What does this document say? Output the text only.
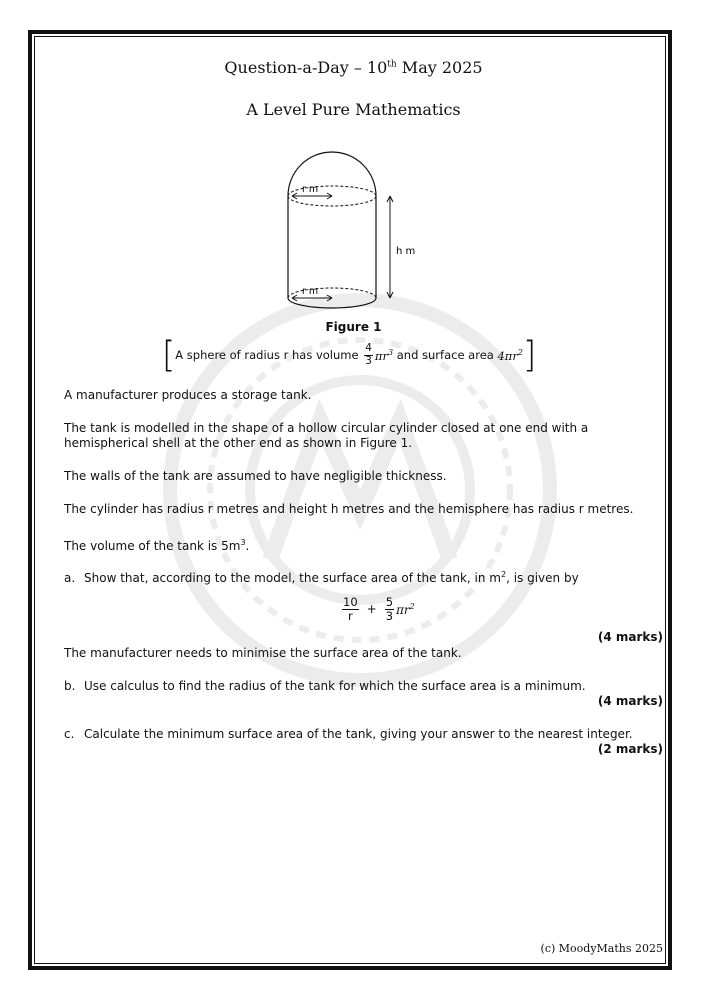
Question-a-Day – 10th May 2025
A Level Pure Mathematics
r m
r m
h m
Figure 1
[ A sphere of radius r has volume
$\frac{4}{3} \pi r^3$
and surface area
$4\pi r^2$ ]
A manufacturer produces a storage tank.
The tank is modelled in the shape of a hollow circular cylinder closed at one end with a hemispherical shell at the other end as shown in Figure 1.
The walls of the tank are assumed to have negligible thickness.
The cylinder has radius r metres and height h metres and the hemisphere has radius r metres.
The volume of the tank is $5m^3$.
a. Show that, according to the model, the surface area of the tank, in $m^2$, is given by
$\frac{10}{r} + \frac{5}{3} \pi r^2$
(4 marks)
The manufacturer needs to minimise the surface area of the tank.
b. Use calculus to find the radius of the tank for which the surface area is a minimum.
(4 marks)
c. Calculate the minimum surface area of the tank, giving your answer to the nearest integer.
(2 marks)
(c) MoodyMaths 2025
